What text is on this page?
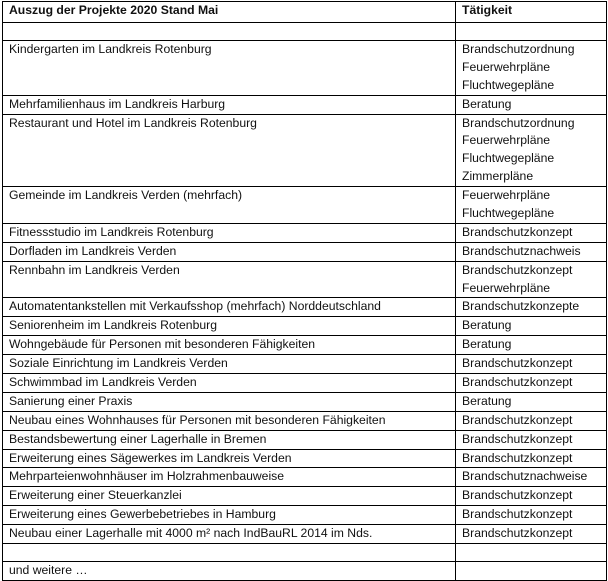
Auszug der Projekte 2020 Stand Mai	Tätigkeit

Kindergarten im Landkreis Rotenburg	Brandschutzordnung
Feuerwehrpläne
Fluchtwegepläne

Mehrfamilienhaus im Landkreis Harburg	Beratung

Restaurant und Hotel im Landkreis Rotenburg	Brandschutzordnung
Feuerwehrpläne
Fluchtwegepläne
Zimmerpläne

Gemeinde im Landkreis Verden (mehrfach)	Feuerwehrpläne
Fluchtwegepläne

Fitnessstudio im Landkreis Rotenburg	Brandschutzkonzept

Dorfladen im Landkreis Verden	Brandschutznachweis

Rennbahn im Landkreis Verden	Brandschutzkonzept
Feuerwehrpläne

Automatentankstellen mit Verkaufsshop (mehrfach) Norddeutschland	Brandschutzkonzepte

Seniorenheim im Landkreis Rotenburg	Beratung

Wohngebäude für Personen mit besonderen Fähigkeiten	Beratung

Soziale Einrichtung im Landkreis Verden	Brandschutzkonzept

Schwimmbad im Landkreis Verden	Brandschutzkonzept

Sanierung einer Praxis	Beratung

Neubau eines Wohnhauses für Personen mit besonderen Fähigkeiten	Brandschutzkonzept

Bestandsbewertung einer Lagerhalle in Bremen	Brandschutzkonzept

Erweiterung eines Sägewerkes im Landkreis Verden	Brandschutzkonzept

Mehrparteienwohnhäuser im Holzrahmenbauweise	Brandschutznachweise

Erweiterung einer Steuerkanzlei	Brandschutzkonzept

Erweiterung eines Gewerbebetriebes in Hamburg	Brandschutzkonzept

Neubau einer Lagerhalle mit 4000 m² nach IndBauRL 2014 im Nds.	Brandschutzkonzept

und weitere …	
